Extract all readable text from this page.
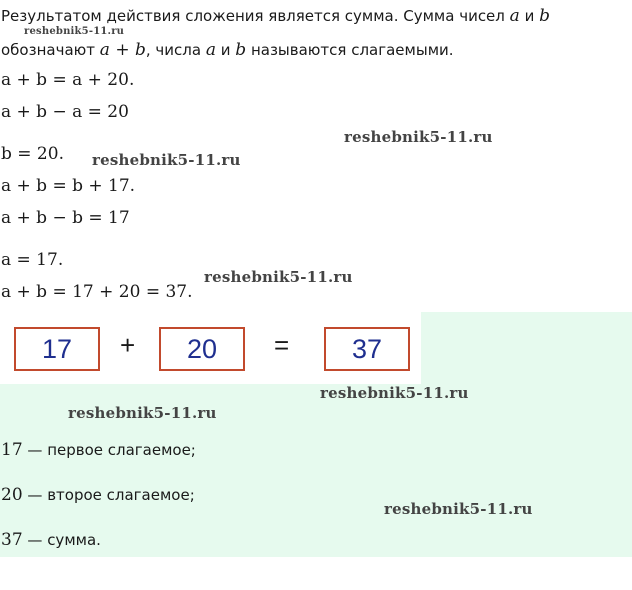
Результатом действия сложения является сумма. Сумма чисел a и b
reshebnik5-11.ru
обозначают a + b, числа a и b называются слагаемыми.
a + b = a + 20.
a + b − a = 20
b = 20.
a + b = b + 17.
a + b − b = 17
a = 17.
a + b = 17 + 20 = 37.
reshebnik5-11.ru
reshebnik5-11.ru
reshebnik5-11.ru
reshebnik5-11.ru
reshebnik5-11.ru
reshebnik5-11.ru
17	+	20	=	37
17 — первое слагаемое;
20 — второе слагаемое;
37 — сумма.
